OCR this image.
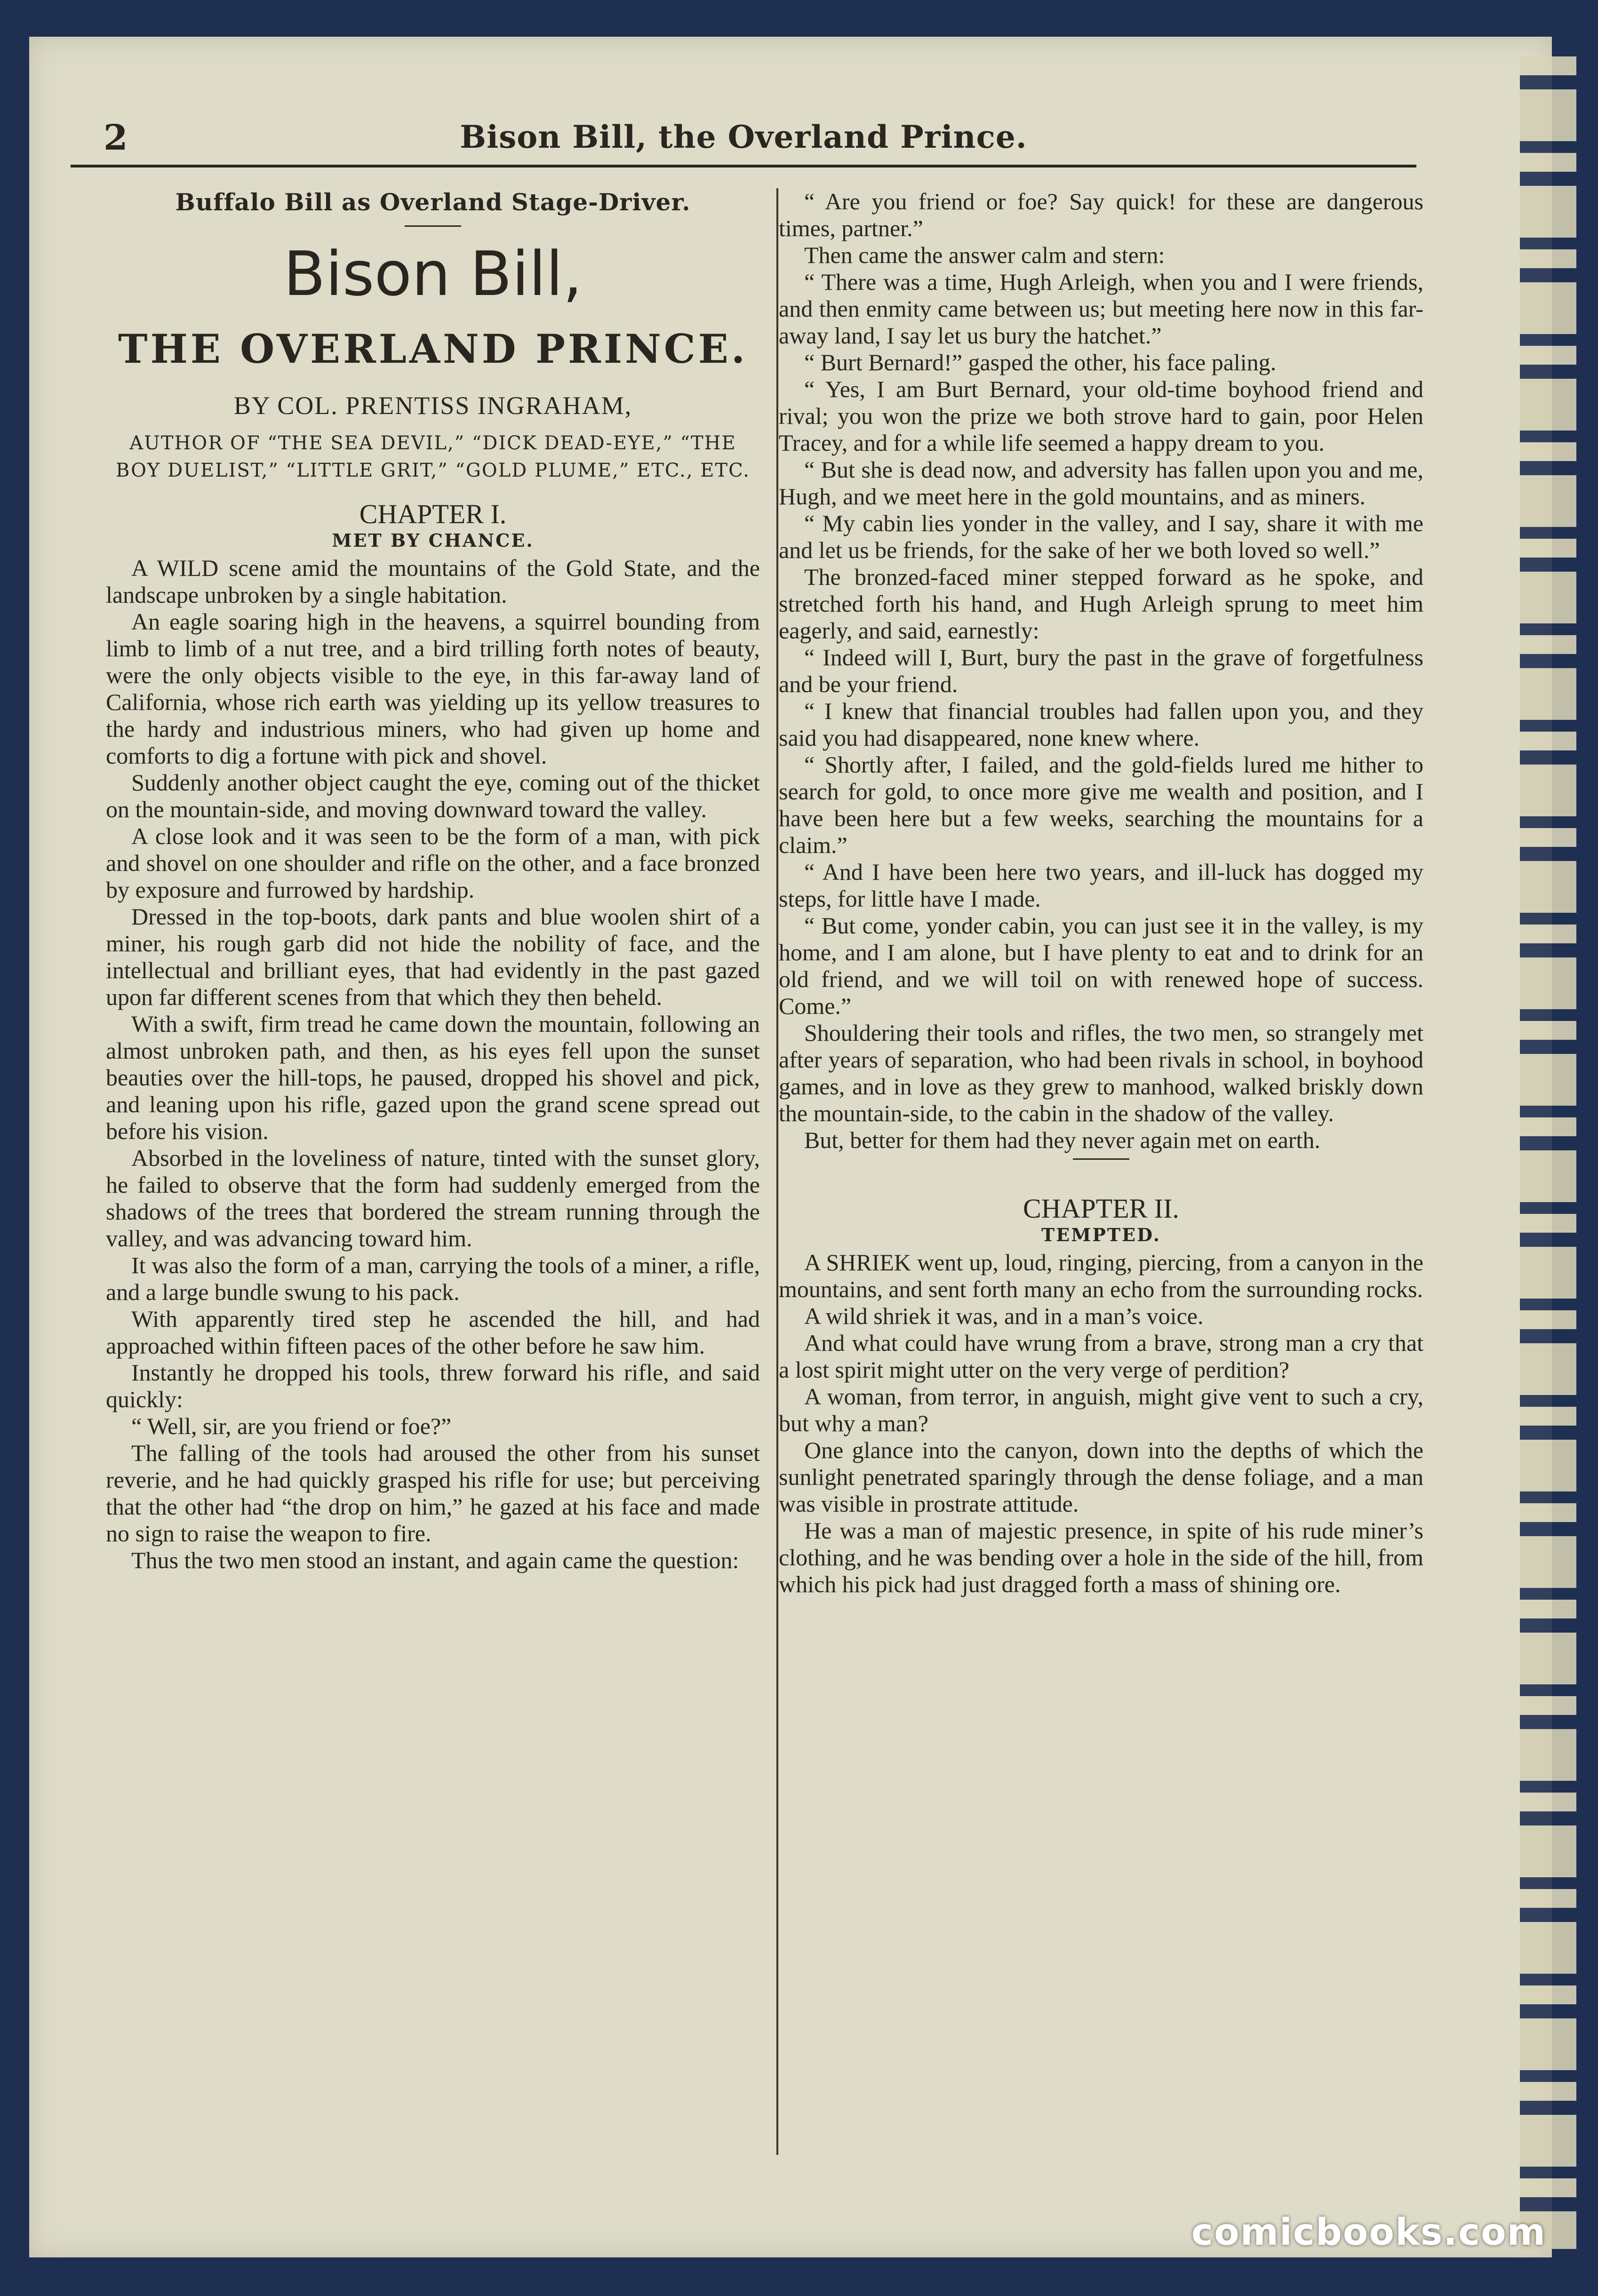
2	Bison Bill, the Overland Prince.
Buffalo Bill as Overland Stage-Driver.
Bison Bill,
THE OVERLAND PRINCE.
BY COL. PRENTISS INGRAHAM,
AUTHOR OF “THE SEA DEVIL,” “DICK DEAD-EYE,” “THE BOY DUELIST,” “LITTLE GRIT,” “GOLD PLUME,” ETC., ETC.
CHAPTER I.
MET BY CHANCE.

A WILD scene amid the mountains of the Gold State, and the landscape unbroken by a single habitation.

An eagle soaring high in the heavens, a squirrel bounding from limb to limb of a nut tree, and a bird trilling forth notes of beauty, were the only objects visible to the eye, in this far-away land of California, whose rich earth was yielding up its yellow treasures to the hardy and industrious miners, who had given up home and comforts to dig a fortune with pick and shovel.

Suddenly another object caught the eye, coming out of the thicket on the mountain-side, and moving downward toward the valley.

A close look and it was seen to be the form of a man, with pick and shovel on one shoulder and rifle on the other, and a face bronzed by exposure and furrowed by hardship.

Dressed in the top-boots, dark pants and blue woolen shirt of a miner, his rough garb did not hide the nobility of face, and the intellectual and brilliant eyes, that had evidently in the past gazed upon far different scenes from that which they then beheld.

With a swift, firm tread he came down the mountain, following an almost unbroken path, and then, as his eyes fell upon the sunset beauties over the hill-tops, he paused, dropped his shovel and pick, and leaning upon his rifle, gazed upon the grand scene spread out before his vision.

Absorbed in the loveliness of nature, tinted with the sunset glory, he failed to observe that the form had suddenly emerged from the shadows of the trees that bordered the stream running through the valley, and was advancing toward him.

It was also the form of a man, carrying the tools of a miner, a rifle, and a large bundle swung to his pack.

With apparently tired step he ascended the hill, and had approached within fifteen paces of the other before he saw him.

Instantly he dropped his tools, threw forward his rifle, and said quickly:

“ Well, sir, are you friend or foe?”

The falling of the tools had aroused the other from his sunset reverie, and he had quickly grasped his rifle for use; but perceiving that the other had “the drop on him,” he gazed at his face and made no sign to raise the weapon to fire.

Thus the two men stood an instant, and again came the question:

“ Are you friend or foe? Say quick! for these are dangerous times, partner.”

Then came the answer calm and stern:

“ There was a time, Hugh Arleigh, when you and I were friends, and then enmity came between us; but meeting here now in this far-away land, I say let us bury the hatchet.”

“ Burt Bernard!” gasped the other, his face paling.

“ Yes, I am Burt Bernard, your old-time boyhood friend and rival; you won the prize we both strove hard to gain, poor Helen Tracey, and for a while life seemed a happy dream to you.

“ But she is dead now, and adversity has fallen upon you and me, Hugh, and we meet here in the gold mountains, and as miners.

“ My cabin lies yonder in the valley, and I say, share it with me and let us be friends, for the sake of her we both loved so well.”

The bronzed-faced miner stepped forward as he spoke, and stretched forth his hand, and Hugh Arleigh sprung to meet him eagerly, and said, earnestly:

“ Indeed will I, Burt, bury the past in the grave of forgetfulness and be your friend.

“ I knew that financial troubles had fallen upon you, and they said you had disappeared, none knew where.

“ Shortly after, I failed, and the gold-fields lured me hither to search for gold, to once more give me wealth and position, and I have been here but a few weeks, searching the mountains for a claim.”

“ And I have been here two years, and ill-luck has dogged my steps, for little have I made.

“ But come, yonder cabin, you can just see it in the valley, is my home, and I am alone, but I have plenty to eat and to drink for an old friend, and we will toil on with renewed hope of success. Come.”

Shouldering their tools and rifles, the two men, so strangely met after years of separation, who had been rivals in school, in boyhood games, and in love as they grew to manhood, walked briskly down the mountain-side, to the cabin in the shadow of the valley.

But, better for them had they never again met on earth.

CHAPTER II.
TEMPTED.

A SHRIEK went up, loud, ringing, piercing, from a canyon in the mountains, and sent forth many an echo from the surrounding rocks.

A wild shriek it was, and in a man’s voice.

And what could have wrung from a brave, strong man a cry that a lost spirit might utter on the very verge of perdition?

A woman, from terror, in anguish, might give vent to such a cry, but why a man?

One glance into the canyon, down into the depths of which the sunlight penetrated sparingly through the dense foliage, and a man was visible in prostrate attitude.

He was a man of majestic presence, in spite of his rude miner’s clothing, and he was bending over a hole in the side of the hill, from which his pick had just dragged forth a mass of shining ore.

comicbooks.com
